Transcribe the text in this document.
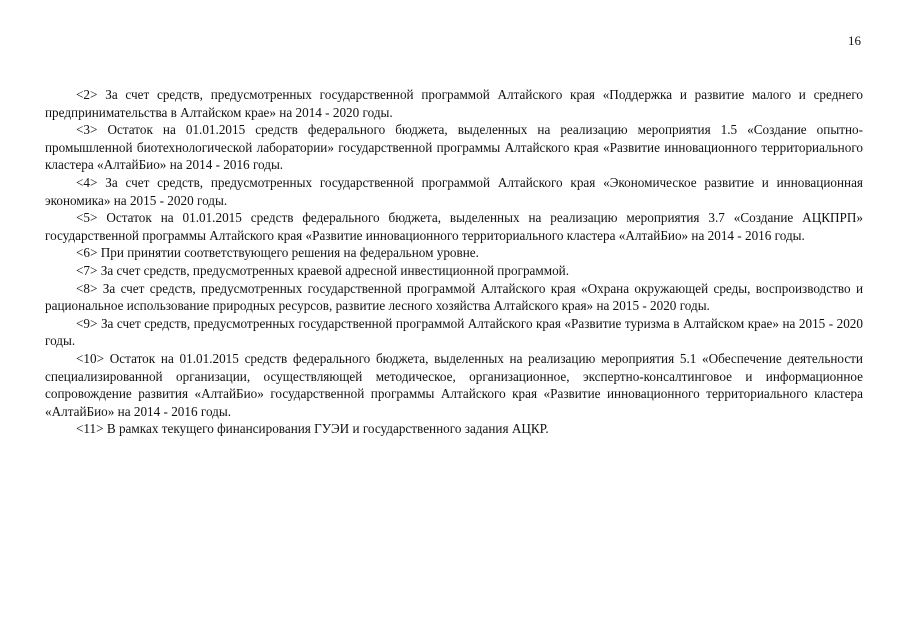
16

<2> За счет средств, предусмотренных государственной программой Алтайского края «Поддержка и развитие малого и среднего предпринимательства в Алтайском крае» на 2014 - 2020 годы.

<3> Остаток на 01.01.2015 средств федерального бюджета, выделенных на реализацию мероприятия 1.5 «Создание опытно-промышленной биотехнологической лаборатории» государственной программы Алтайского края «Развитие инновационного территориального кластера «АлтайБио» на 2014 - 2016 годы.

<4> За счет средств, предусмотренных государственной программой Алтайского края «Экономическое развитие и инновационная экономика» на 2015 - 2020 годы.

<5> Остаток на 01.01.2015 средств федерального бюджета, выделенных на реализацию мероприятия 3.7 «Создание АЦКПРП» государственной программы Алтайского края «Развитие инновационного территориального кластера «АлтайБио» на 2014 - 2016 годы.

<6> При принятии соответствующего решения на федеральном уровне.

<7> За счет средств, предусмотренных краевой адресной инвестиционной программой.

<8> За счет средств, предусмотренных государственной программой Алтайского края «Охрана окружающей среды, воспроизводство и рациональное использование природных ресурсов, развитие лесного хозяйства Алтайского края» на 2015 - 2020 годы.

<9> За счет средств, предусмотренных государственной программой Алтайского края «Развитие туризма в Алтайском крае» на 2015 - 2020 годы.

<10> Остаток на 01.01.2015 средств федерального бюджета, выделенных на реализацию мероприятия 5.1 «Обеспечение деятельности специализированной организации, осуществляющей методическое, организационное, экспертно-консалтинговое и информационное сопровождение развития «АлтайБио» государственной программы Алтайского края «Развитие инновационного территориального кластера «АлтайБио» на 2014 - 2016 годы.

<11> В рамках текущего финансирования ГУЭИ и государственного задания АЦКР.
